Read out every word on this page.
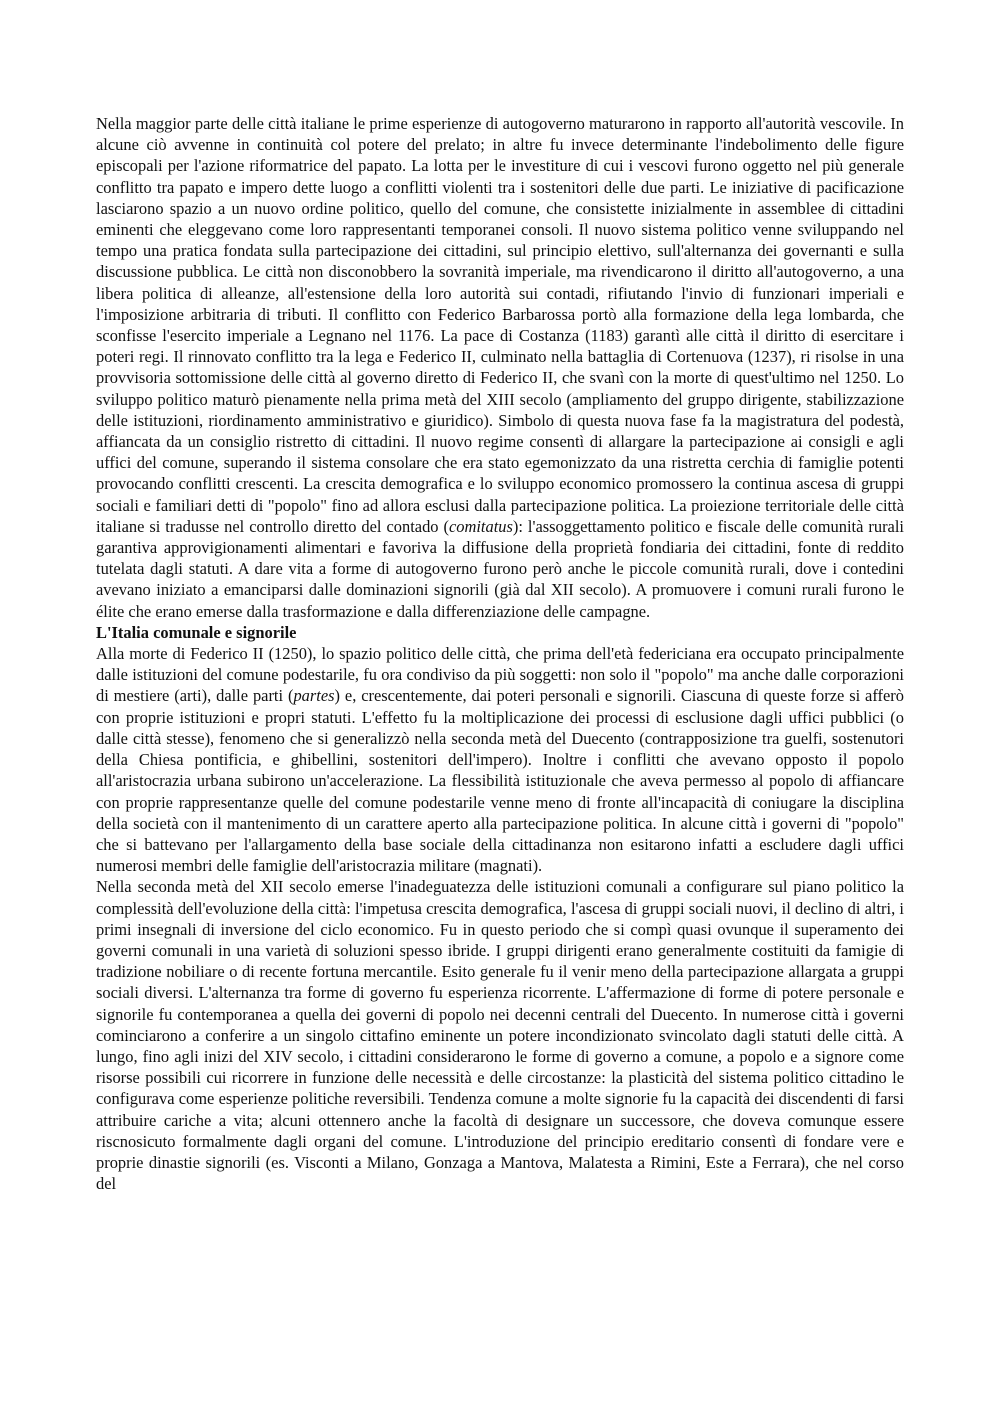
Nella maggior parte delle città italiane le prime esperienze di autogoverno maturarono in rapporto all'autorità vescovile. In alcune ciò avvenne in continuità col potere del prelato; in altre fu invece determinante l'indebolimento delle figure episcopali per l'azione riformatrice del papato. La lotta per le investiture di cui i vescovi furono oggetto nel più generale conflitto tra papato e impero dette luogo a conflitti violenti tra i sostenitori delle due parti. Le iniziative di pacificazione lasciarono spazio a un nuovo ordine politico, quello del comune, che consistette inizialmente in assemblee di cittadini eminenti che eleggevano come loro rappresentanti temporanei consoli. Il nuovo sistema politico venne sviluppando nel tempo una pratica fondata sulla partecipazione dei cittadini, sul principio elettivo, sull'alternanza dei governanti e sulla discussione pubblica. Le città non disconobbero la sovranità imperiale, ma rivendicarono il diritto all'autogoverno, a una libera politica di alleanze, all'estensione della loro autorità sui contadi, rifiutando l'invio di funzionari imperiali e l'imposizione arbitraria di tributi. Il conflitto con Federico Barbarossa portò alla formazione della lega lombarda, che sconfisse l'esercito imperiale a Legnano nel 1176. La pace di Costanza (1183) garantì alle città il diritto di esercitare i poteri regi. Il rinnovato conflitto tra la lega e Federico II, culminato nella battaglia di Cortenuova (1237), ri risolse in una provvisoria sottomissione delle città al governo diretto di Federico II, che svanì con la morte di quest'ultimo nel 1250. Lo sviluppo politico maturò pienamente nella prima metà del XIII secolo (ampliamento del gruppo dirigente, stabilizzazione delle istituzioni, riordinamento amministrativo e giuridico). Simbolo di questa nuova fase fa la magistratura del podestà, affiancata da un consiglio ristretto di cittadini. Il nuovo regime consentì di allargare la partecipazione ai consigli e agli uffici del comune, superando il sistema consolare che era stato egemonizzato da una ristretta cerchia di famiglie potenti provocando conflitti crescenti. La crescita demografica e lo sviluppo economico promossero la continua ascesa di gruppi sociali e familiari detti di "popolo" fino ad allora esclusi dalla partecipazione politica. La proiezione territoriale delle città italiane si tradusse nel controllo diretto del contado (comitatus): l'assoggettamento politico e fiscale delle comunità rurali garantiva approvigionamenti alimentari e favoriva la diffusione della proprietà fondiaria dei cittadini, fonte di reddito tutelata dagli statuti. A dare vita a forme di autogoverno furono però anche le piccole comunità rurali, dove i contedini avevano iniziato a emanciparsi dalle dominazioni signorili (già dal XII secolo). A promuovere i comuni rurali furono le élite che erano emerse dalla trasformazione e dalla differenziazione delle campagne.

L'Italia comunale e signorile

Alla morte di Federico II (1250), lo spazio politico delle città, che prima dell'età federiciana era occupato principalmente dalle istituzioni del comune podestarile, fu ora condiviso da più soggetti: non solo il "popolo" ma anche dalle corporazioni di mestiere (arti), dalle parti (partes) e, crescentemente, dai poteri personali e signorili. Ciascuna di queste forze si afferò con proprie istituzioni e propri statuti. L'effetto fu la moltiplicazione dei processi di esclusione dagli uffici pubblici (o dalle città stesse), fenomeno che si generalizzò nella seconda metà del Duecento (contrapposizione tra guelfi, sostenutori della Chiesa pontificia, e ghibellini, sostenitori dell'impero). Inoltre i conflitti che avevano opposto il popolo all'aristocrazia urbana subirono un'accelerazione. La flessibilità istituzionale che aveva permesso al popolo di affiancare con proprie rappresentanze quelle del comune podestarile venne meno di fronte all'incapacità di coniugare la disciplina della società con il mantenimento di un carattere aperto alla partecipazione politica. In alcune città i governi di "popolo" che si battevano per l'allargamento della base sociale della cittadinanza non esitarono infatti a escludere dagli uffici numerosi membri delle famiglie dell'aristocrazia militare (magnati).

Nella seconda metà del XII secolo emerse l'inadeguatezza delle istituzioni comunali a configurare sul piano politico la complessità dell'evoluzione della città: l'impetusa crescita demografica, l'ascesa di gruppi sociali nuovi, il declino di altri, i primi insegnali di inversione del ciclo economico. Fu in questo periodo che si compì quasi ovunque il superamento dei governi comunali in una varietà di soluzioni spesso ibride. I gruppi dirigenti erano generalmente costituiti da famigie di tradizione nobiliare o di recente fortuna mercantile. Esito generale fu il venir meno della partecipazione allargata a gruppi sociali diversi. L'alternanza tra forme di governo fu esperienza ricorrente. L'affermazione di forme di potere personale e signorile fu contemporanea a quella dei governi di popolo nei decenni centrali del Duecento. In numerose città i governi cominciarono a conferire a un singolo cittafino eminente un potere incondizionato svincolato dagli statuti delle città. A lungo, fino agli inizi del XIV secolo, i cittadini considerarono le forme di governo a comune, a popolo e a signore come risorse possibili cui ricorrere in funzione delle necessità e delle circostanze: la plasticità del sistema politico cittadino le configurava come esperienze politiche reversibili. Tendenza comune a molte signorie fu la capacità dei discendenti di farsi attribuire cariche a vita; alcuni ottennero anche la facoltà di designare un successore, che doveva comunque essere riscnosicuto formalmente dagli organi del comune. L'introduzione del principio ereditario consentì di fondare vere e proprie dinastie signorili (es. Visconti a Milano, Gonzaga a Mantova, Malatesta a Rimini, Este a Ferrara), che nel corso del
